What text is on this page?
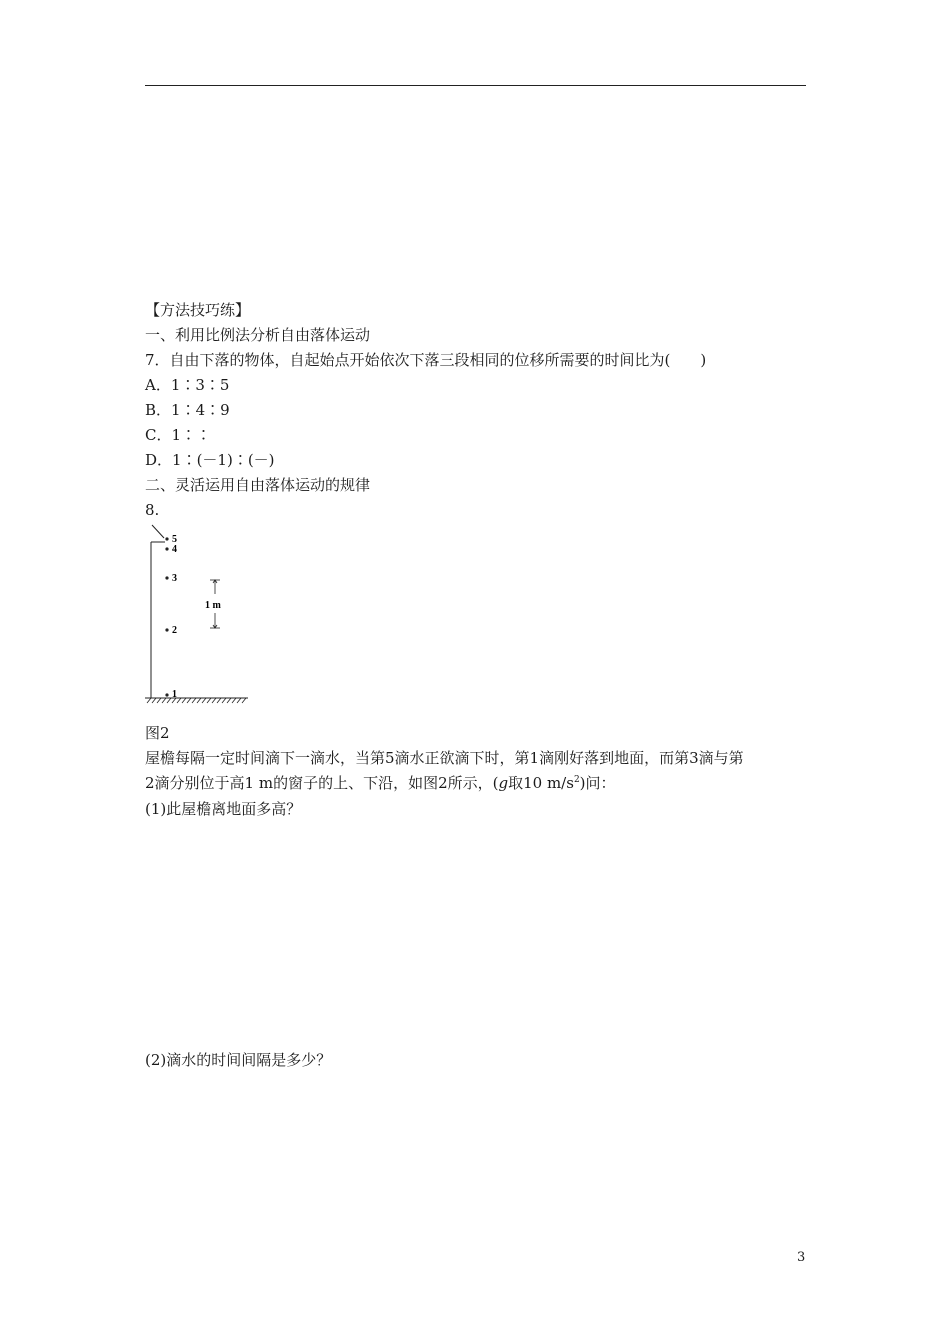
【方法技巧练】
一、利用比例法分析自由落体运动
7．自由下落的物体，自起始点开始依次下落三段相同的位移所需要的时间比为(　　)
A．1∶3∶5
B．1∶4∶9
C．1∶∶
D．1∶(－1)∶(－)
二、灵活运用自由落体运动的规律
8.
5
4
3
2
1
1 m
图2
屋檐每隔一定时间滴下一滴水，当第5滴水正欲滴下时，第1滴刚好落到地面，而第3滴与第
2滴分别位于高1 m的窗子的上、下沿，如图2所示，(g取10 $m/s^2$)问：
(1)此屋檐离地面多高？
(2)滴水的时间间隔是多少？
3
